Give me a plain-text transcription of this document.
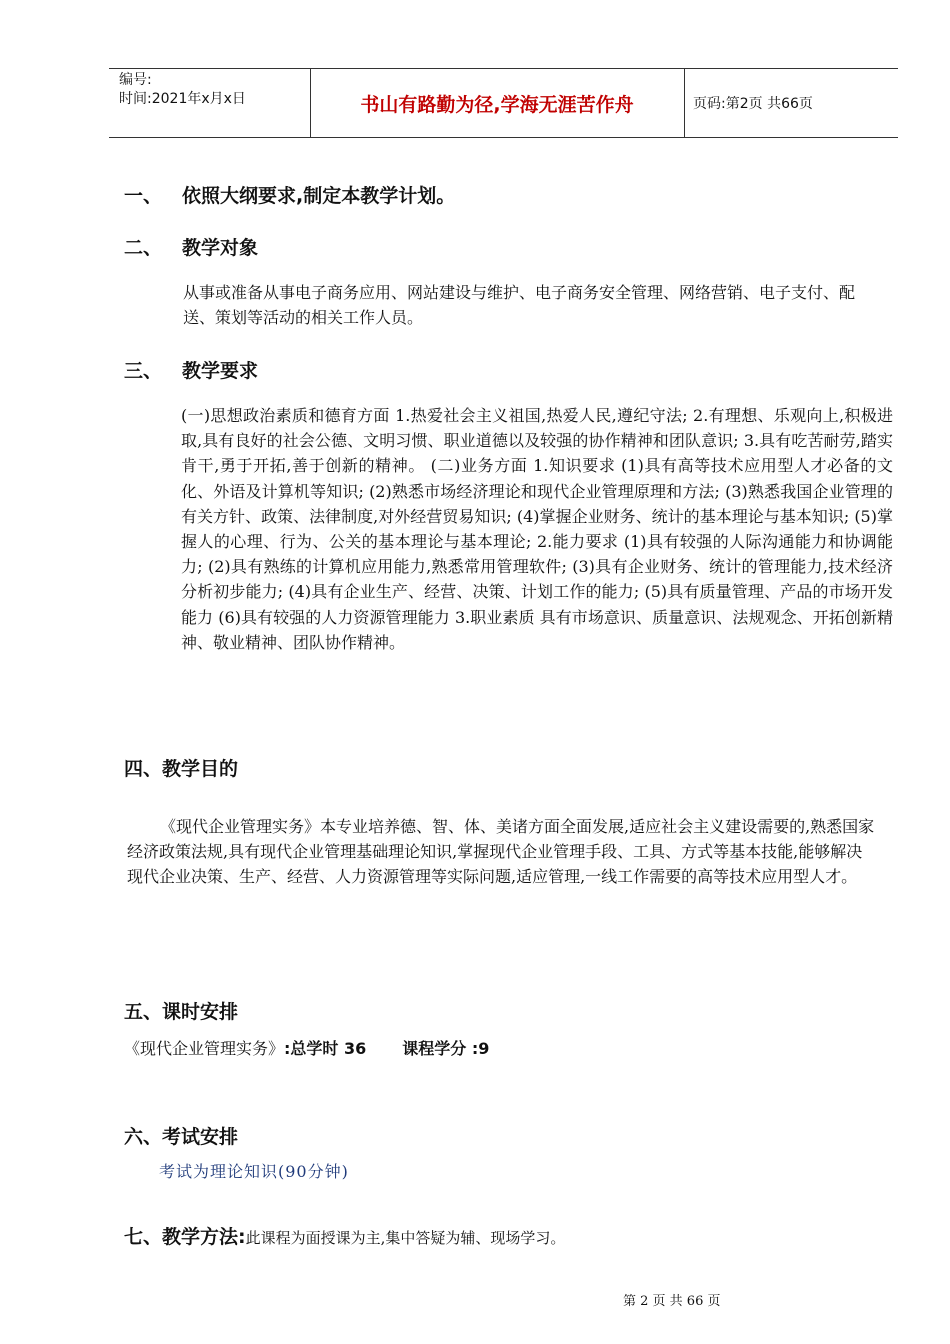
编号:
时间:2021年x月x日	书山有路勤为径,学海无涯苦作舟	页码:第2页 共66页
一、 依照大纲要求,制定本教学计划。
二、 教学对象
从事或准备从事电子商务应用、网站建设与维护、电子商务安全管理、网络营销、电子支付、配送、策划等活动的相关工作人员。
三、 教学要求
(一)思想政治素质和德育方面 1.热爱社会主义祖国,热爱人民,遵纪守法; 2.有理想、乐观向上,积极进取,具有良好的社会公德、文明习惯、职业道德以及较强的协作精神和团队意识; 3.具有吃苦耐劳,踏实肯干,勇于开拓,善于创新的精神。 (二)业务方面 1.知识要求 (1)具有高等技术应用型人才必备的文化、外语及计算机等知识; (2)熟悉市场经济理论和现代企业管理原理和方法; (3)熟悉我国企业管理的有关方针、政策、法律制度,对外经营贸易知识; (4)掌握企业财务、统计的基本理论与基本知识; (5)掌握人的心理、行为、公关的基本理论与基本理论; 2.能力要求 (1)具有较强的人际沟通能力和协调能力; (2)具有熟练的计算机应用能力,熟悉常用管理软件; (3)具有企业财务、统计的管理能力,技术经济分析初步能力; (4)具有企业生产、经营、决策、计划工作的能力; (5)具有质量管理、产品的市场开发能力 (6)具有较强的人力资源管理能力 3.职业素质 具有市场意识、质量意识、法规观念、开拓创新精神、敬业精神、团队协作精神。
四、教学目的
《现代企业管理实务》本专业培养德、智、体、美诸方面全面发展,适应社会主义建设需要的,熟悉国家经济政策法规,具有现代企业管理基础理论知识,掌握现代企业管理手段、工具、方式等基本技能,能够解决现代企业决策、生产、经营、人力资源管理等实际问题,适应管理,一线工作需要的高等技术应用型人才。
五、课时安排
《现代企业管理实务》:总学时 36 课程学分 :9
六、考试安排
考试为理论知识(90分钟)
七、教学方法:此课程为面授课为主,集中答疑为辅、现场学习。
第 2 页 共 66 页
